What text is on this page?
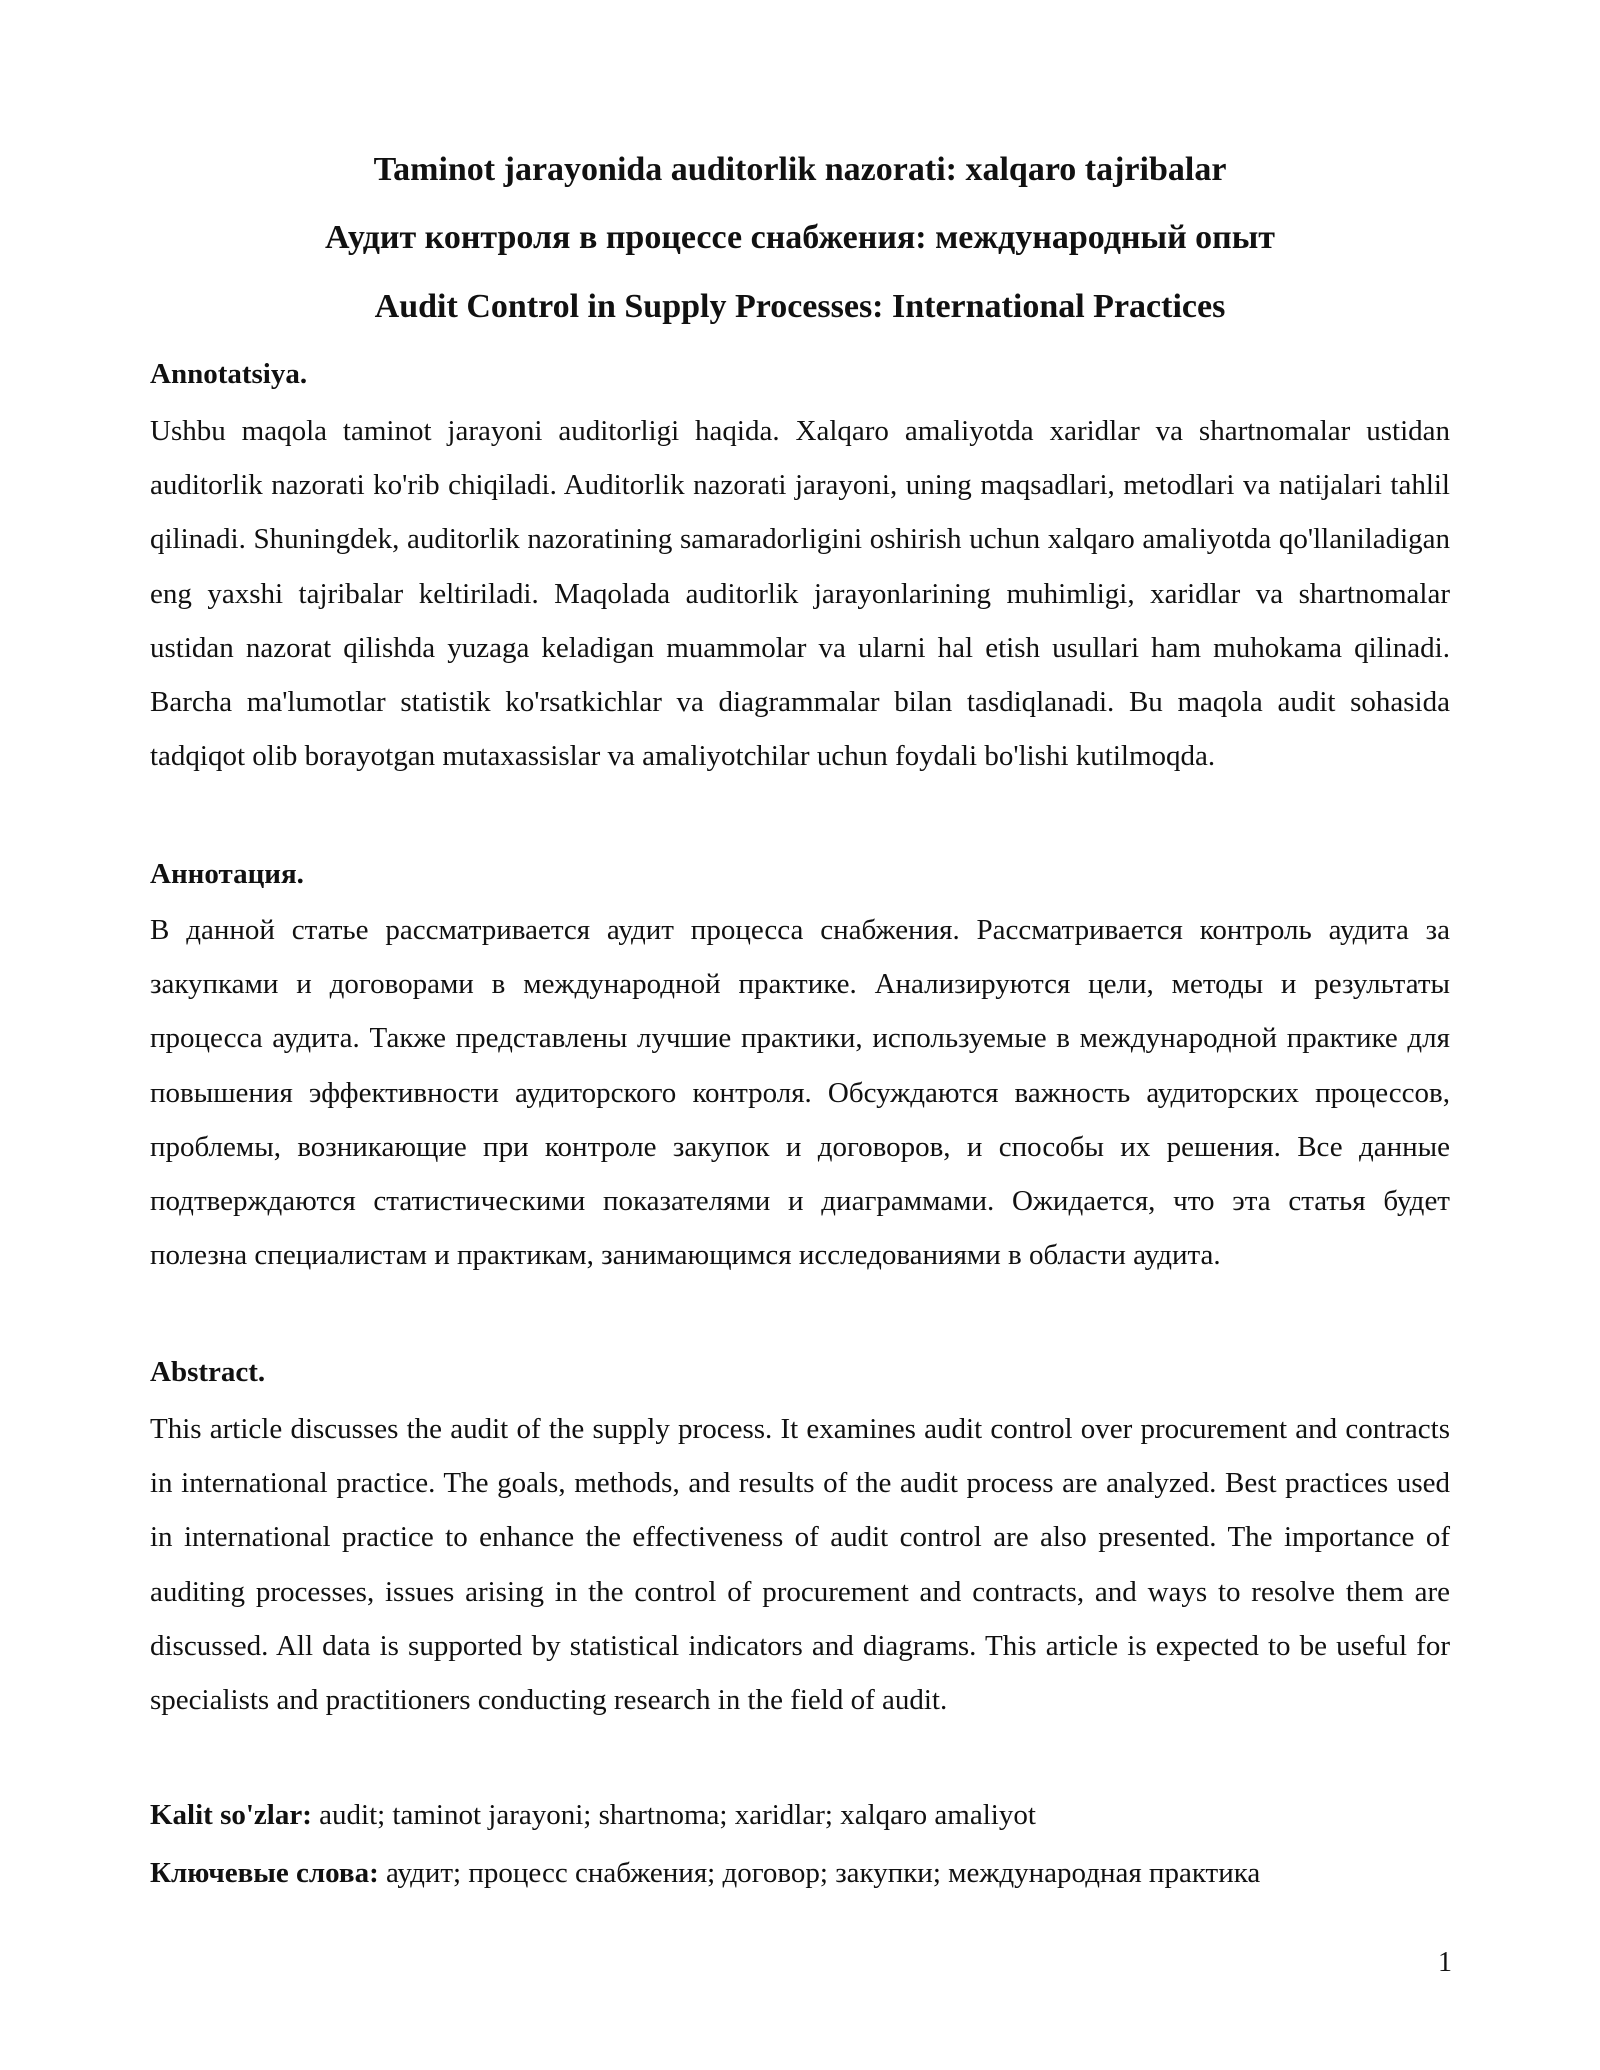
Taminot jarayonida auditorlik nazorati: xalqaro tajribalar
Аудит контроля в процессе снабжения: международный опыт
Audit Control in Supply Processes: International Practices
Annotatsiya.

Ushbu maqola taminot jarayoni auditorligi haqida. Xalqaro amaliyotda xaridlar va shartnomalar ustidan auditorlik nazorati ko'rib chiqiladi. Auditorlik nazorati jarayoni, uning maqsadlari, metodlari va natijalari tahlil qilinadi. Shuningdek, auditorlik nazoratining samaradorligini oshirish uchun xalqaro amaliyotda qo'llaniladigan eng yaxshi tajribalar keltiriladi. Maqolada auditorlik jarayonlarining muhimligi, xaridlar va shartnomalar ustidan nazorat qilishda yuzaga keladigan muammolar va ularni hal etish usullari ham muhokama qilinadi. Barcha ma'lumotlar statistik ko'rsatkichlar va diagrammalar bilan tasdiqlanadi. Bu maqola audit sohasida tadqiqot olib borayotgan mutaxassislar va amaliyotchilar uchun foydali bo'lishi kutilmoqda.

Аннотация.

В данной статье рассматривается аудит процесса снабжения. Рассматривается контроль аудита за закупками и договорами в международной практике. Анализируются цели, методы и результаты процесса аудита. Также представлены лучшие практики, используемые в международной практике для повышения эффективности аудиторского контроля. Обсуждаются важность аудиторских процессов, проблемы, возникающие при контроле закупок и договоров, и способы их решения. Все данные подтверждаются статистическими показателями и диаграммами. Ожидается, что эта статья будет полезна специалистам и практикам, занимающимся исследованиями в области аудита.

Abstract.

This article discusses the audit of the supply process. It examines audit control over procurement and contracts in international practice. The goals, methods, and results of the audit process are analyzed. Best practices used in international practice to enhance the effectiveness of audit control are also presented. The importance of auditing processes, issues arising in the control of procurement and contracts, and ways to resolve them are discussed. All data is supported by statistical indicators and diagrams. This article is expected to be useful for specialists and practitioners conducting research in the field of audit.

Kalit so'zlar: audit; taminot jarayoni; shartnoma; xaridlar; xalqaro amaliyot
Ключевые слова: аудит; процесс снабжения; договор; закупки; международная практика
1
